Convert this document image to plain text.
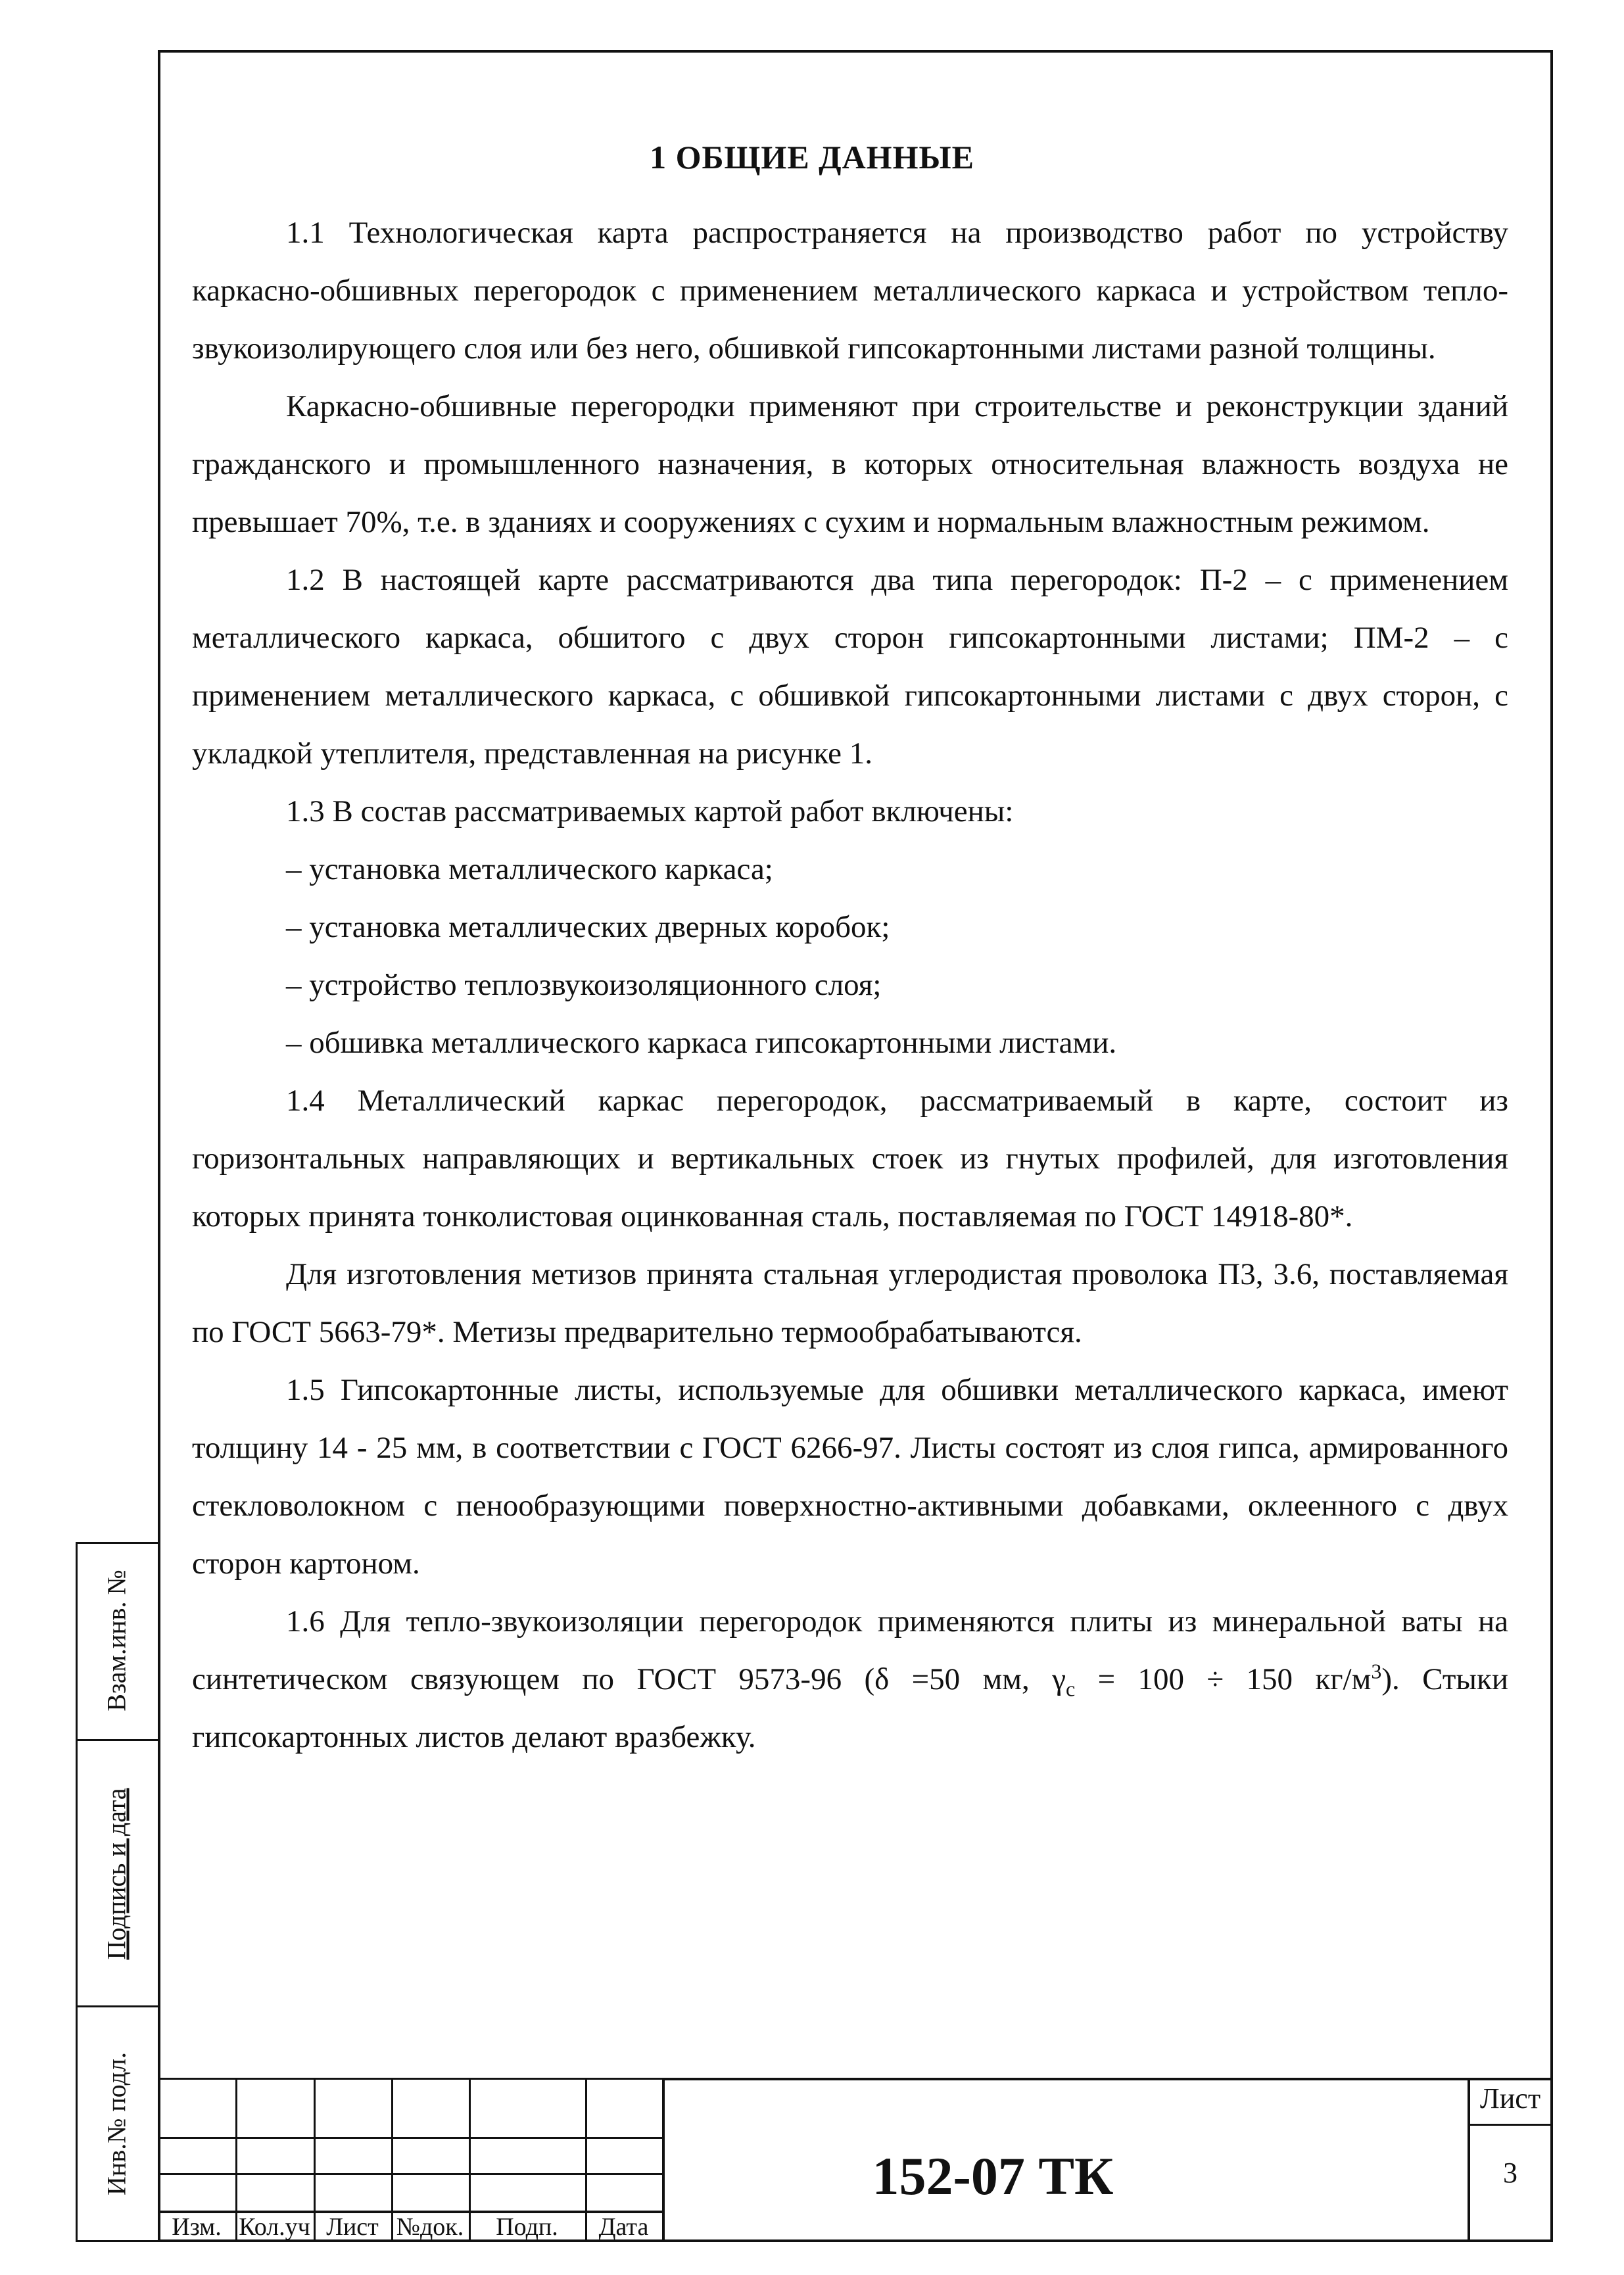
1 ОБЩИЕ ДАННЫЕ

1.1 Технологическая карта распространяется на производство работ по устройству каркасно-обшивных перегородок с применением металлического каркаса и устройством тепло-звукоизолирующего слоя или без него, обшивкой гипсокартонными листами разной толщины.

Каркасно-обшивные перегородки применяют при строительстве и реконструкции зданий гражданского и промышленного назначения, в которых относительная влажность воздуха не превышает 70%, т.е. в зданиях и сооружениях с сухим и нормальным влажностным режимом.

1.2 В настоящей карте рассматриваются два типа перегородок: П-2 – с применением металлического каркаса, обшитого с двух сторон гипсокартонными листами; ПМ-2 – с применением металлического каркаса, с обшивкой гипсокартонными листами с двух сторон, с укладкой утеплителя, представленная на рисунке 1.

1.3 В состав рассматриваемых картой работ включены:

– установка металлического каркаса;

– установка металлических дверных коробок;

– устройство теплозвукоизоляционного слоя;

– обшивка металлического каркаса гипсокартонными листами.

1.4 Металлический каркас перегородок, рассматриваемый в карте, состоит из горизонтальных направляющих и вертикальных стоек из гнутых профилей, для изготовления которых принята тонколистовая оцинкованная сталь, поставляемая по ГОСТ 14918-80*.

Для изготовления метизов принята стальная углеродистая проволока П3, 3.6, поставляемая по ГОСТ 5663-79*. Метизы предварительно термообрабатываются.

1.5 Гипсокартонные листы, используемые для обшивки металлического каркаса, имеют толщину 14 - 25 мм, в соответствии с ГОСТ 6266-97. Листы состоят из слоя гипса, армированного стекловолокном с пенообразующими поверхностно-активными добавками, оклеенного с двух сторон картоном.

1.6 Для тепло-звукоизоляции перегородок применяются плиты из минеральной ваты на синтетическом связующем по ГОСТ 9573-96 (δ =50 мм, $\gamma_c = 100 \div 150$ $кг/м^3$). Стыки гипсокартонных листов делают вразбежку.

Взам.инв. №
Подпись и дата
Инв.№ подл.
Изм. Кол.уч Лист №док.	Подп.	Дата
152-07 ТК
Лист
3
